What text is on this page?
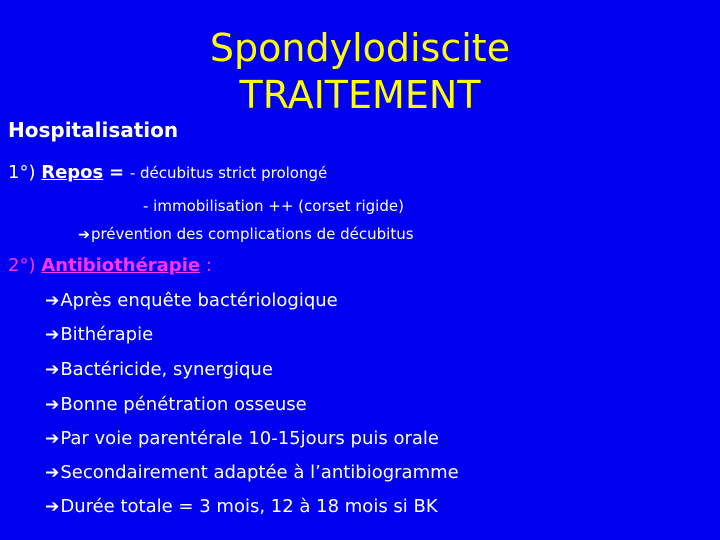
Spondylodiscite
TRAITEMENT
Hospitalisation
1°) Repos = - décubitus strict prolongé
- immobilisation ++ (corset rigide)
➔prévention des complications de décubitus
2°) Antibiothérapie :
➔Après enquête bactériologique
➔Bithérapie
➔Bactéricide, synergique
➔Bonne pénétration osseuse
➔Par voie parentérale 10-15jours puis orale
➔Secondairement adaptée à l’antibiogramme
➔Durée totale = 3 mois, 12 à 18 mois si BK
